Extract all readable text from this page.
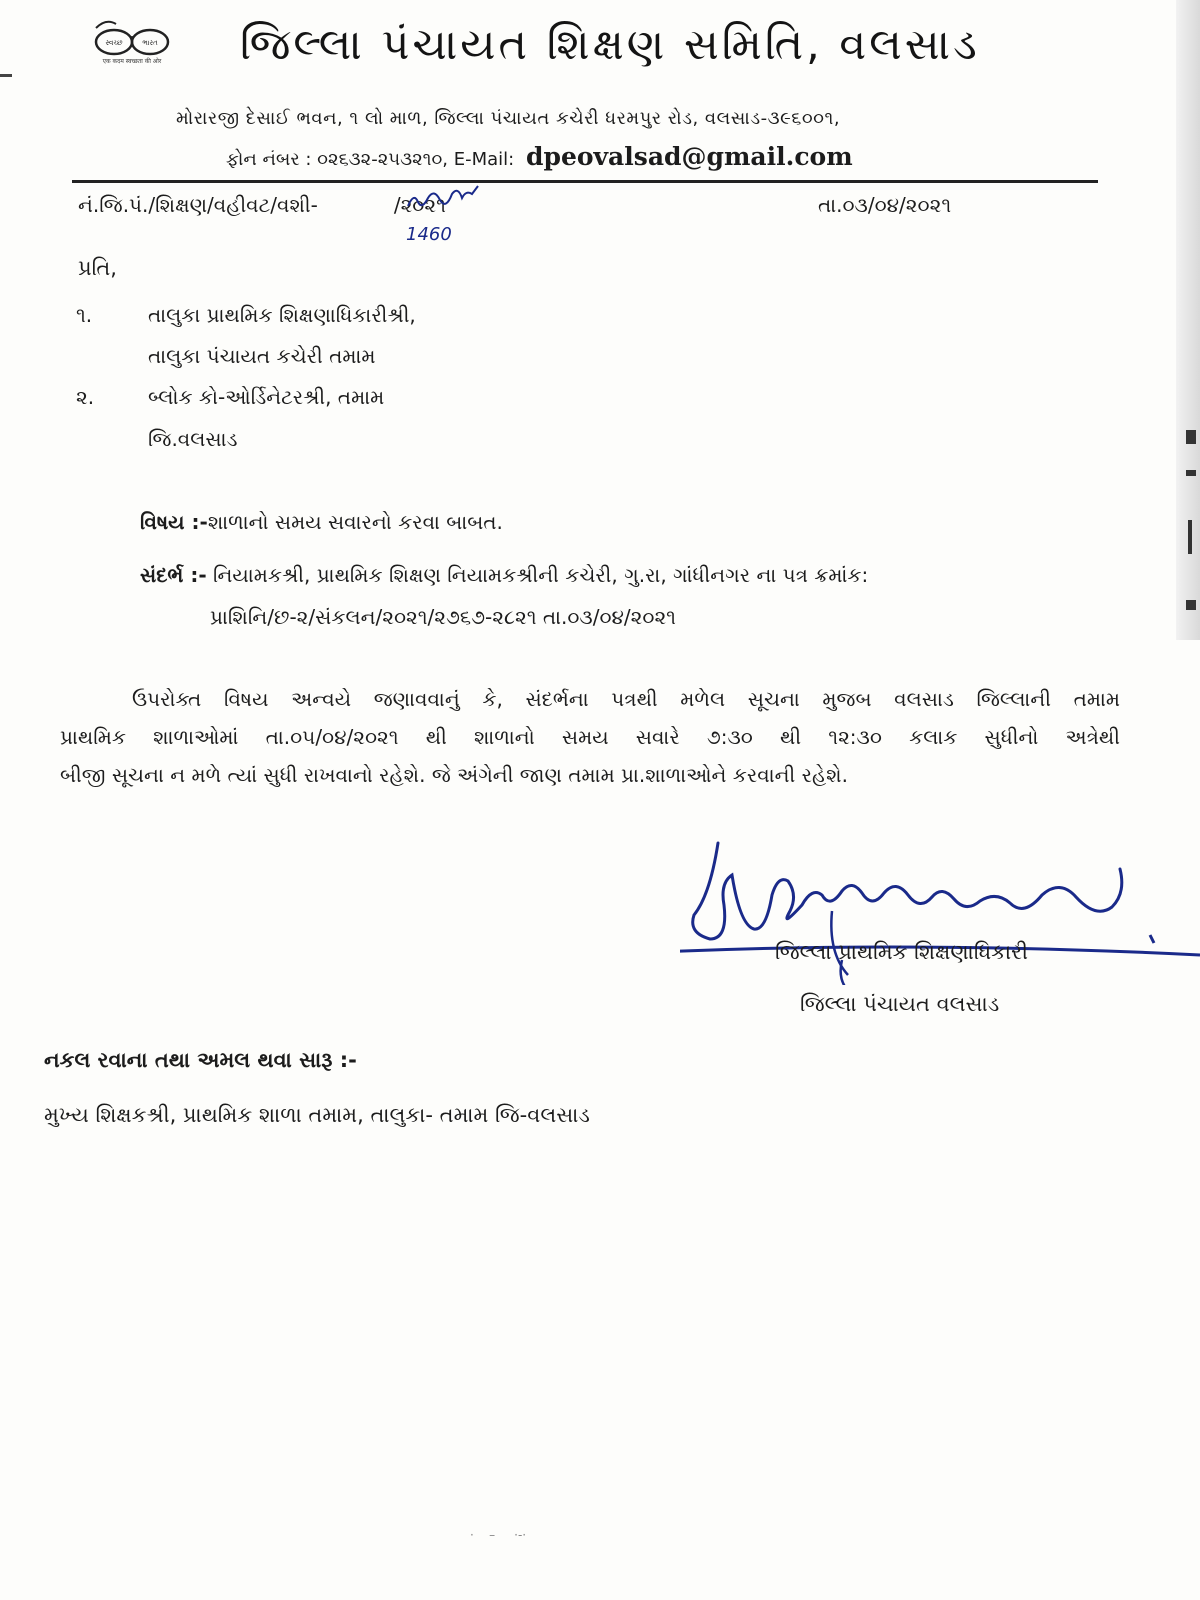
સ્વચ્છ	ભારત
एक कदम स्वच्छता की ओर જિલ્લા પંચાયત શિક્ષણ સમિતિ, વલસાડ
મોરારજી દેસાઈ ભવન, ૧ લો માળ, જિલ્લા પંચાયત કચેરી ધરમપુર રોડ, વલસાડ-૩૯૬૦૦૧,
ફોન નંબર : ૦૨૬૩૨-૨૫૩૨૧૦, E-Mail: dpeovalsad@gmail.com
નં.જિ.પં./શિક્ષણ/વહીવટ/વશી-	/૨૦૨૧
1460
તા.૦૩/૦૪/૨૦૨૧
પ્રતિ,
૧.	તાલુકા પ્રાથમિક શિક્ષણાધિકારીશ્રી,
તાલુકા પંચાયત કચેરી તમામ
૨.	બ્લોક કો-ઓર્ડિનેટરશ્રી, તમામ
જિ.વલસાડ
વિષય :-શાળાનો સમય સવારનો કરવા બાબત.
સંદર્ભ :- નિયામકશ્રી, પ્રાથમિક શિક્ષણ નિયામકશ્રીની કચેરી, ગુ.રા, ગાંધીનગર ના પત્ર ક્રમાંક:
પ્રાશિનિ/છ-૨/સંકલન/૨૦૨૧/૨૭૬૭-૨૮૨૧ તા.૦૩/૦૪/૨૦૨૧

ઉપરોક્ત વિષય અન્વયે જણાવવાનું કે, સંદર્ભના પત્રથી મળેલ સૂચના મુજબ વલસાડ જિલ્લાની તમામ

પ્રાથમિક શાળાઓમાં તા.૦૫/૦૪/૨૦૨૧ થી શાળાનો સમય સવારે ૭:૩૦ થી ૧૨:૩૦ કલાક સુધીનો અત્રેથી

બીજી સૂચના ન મળે ત્યાં સુધી રાખવાનો રહેશે. જે અંગેની જાણ તમામ પ્રા.શાળાઓને કરવાની રહેશે.

જિલ્લા પ્રાથમિક શિક્ષણાધિકારી
જિલ્લા પંચાયત વલસાડ
નકલ રવાના તથા અમલ થવા સારૂ :-
મુખ્ય શિક્ષકશ્રી, પ્રાથમિક શાળા તમામ, તાલુકા- તમામ જિ-વલસાડ
·    –     ·-·
